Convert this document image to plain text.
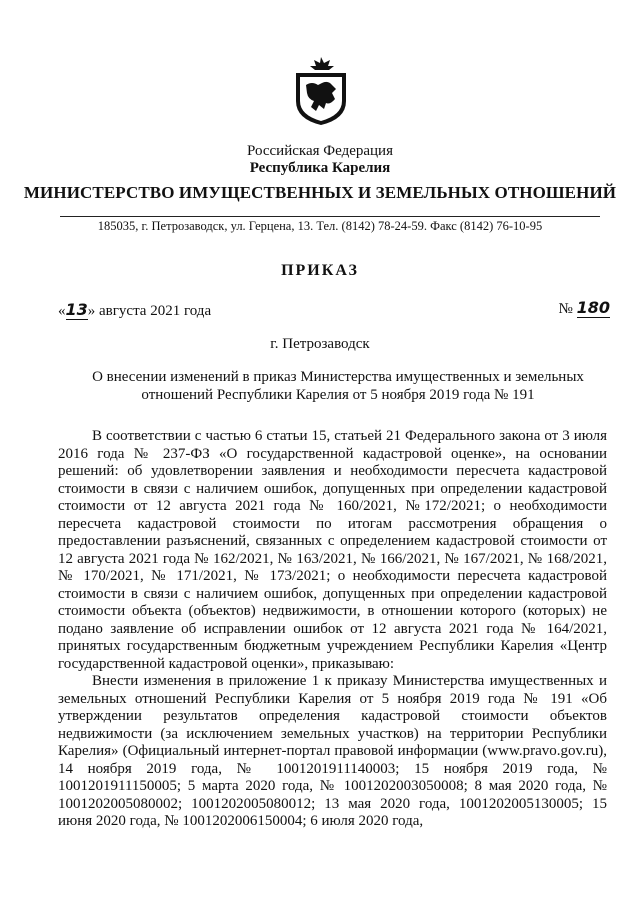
Российская Федерация
Республика Карелия
МИНИСТЕРСТВО ИМУЩЕСТВЕННЫХ И ЗЕМЕЛЬНЫХ ОТНОШЕНИЙ
185035, г. Петрозаводск, ул. Герцена, 13. Тел. (8142) 78-24-59. Факс (8142) 76-10-95
ПРИКАЗ
«13» августа 2021 года	№ 180
г. Петрозаводск
О внесении изменений в приказ Министерства имущественных и земельных отношений Республики Карелия от 5 ноября 2019 года № 191

В соответствии с частью 6 статьи 15, статьей 21 Федерального закона от 3 июля 2016 года № 237-ФЗ «О государственной кадастровой оценке», на основании решений: об удовлетворении заявления и необходимости пересчета кадастровой стоимости в связи с наличием ошибок, допущенных при определении кадастровой стоимости от 12 августа 2021 года № 160/2021, №172/2021; о необходимости пересчета кадастровой стоимости по итогам рассмотрения обращения о предоставлении разъяснений, связанных с определением кадастровой стоимости от 12 августа 2021 года № 162/2021, № 163/2021, № 166/2021, № 167/2021, № 168/2021, № 170/2021, № 171/2021, № 173/2021; о необходимости пересчета кадастровой стоимости в связи с наличием ошибок, допущенных при определении кадастровой стоимости объекта (объектов) недвижимости, в отношении которого (которых) не подано заявление об исправлении ошибок от 12 августа 2021 года № 164/2021, принятых государственным бюджетным учреждением Республики Карелия «Центр государственной кадастровой оценки», приказываю:

Внести изменения в приложение 1 к приказу Министерства имущественных и земельных отношений Республики Карелия от 5 ноября 2019 года № 191 «Об утверждении результатов определения кадастровой стоимости объектов недвижимости (за исключением земельных участков) на территории Республики Карелия» (Официальный интернет-портал правовой информации (www.pravo.gov.ru), 14 ноября 2019 года, № 1001201911140003; 15 ноября 2019 года, № 1001201911150005; 5 марта 2020 года, № 1001202003050008; 8 мая 2020 года, № 1001202005080002; 1001202005080012; 13 мая 2020 года, 1001202005130005; 15 июня 2020 года, № 1001202006150004; 6 июля 2020 года,
